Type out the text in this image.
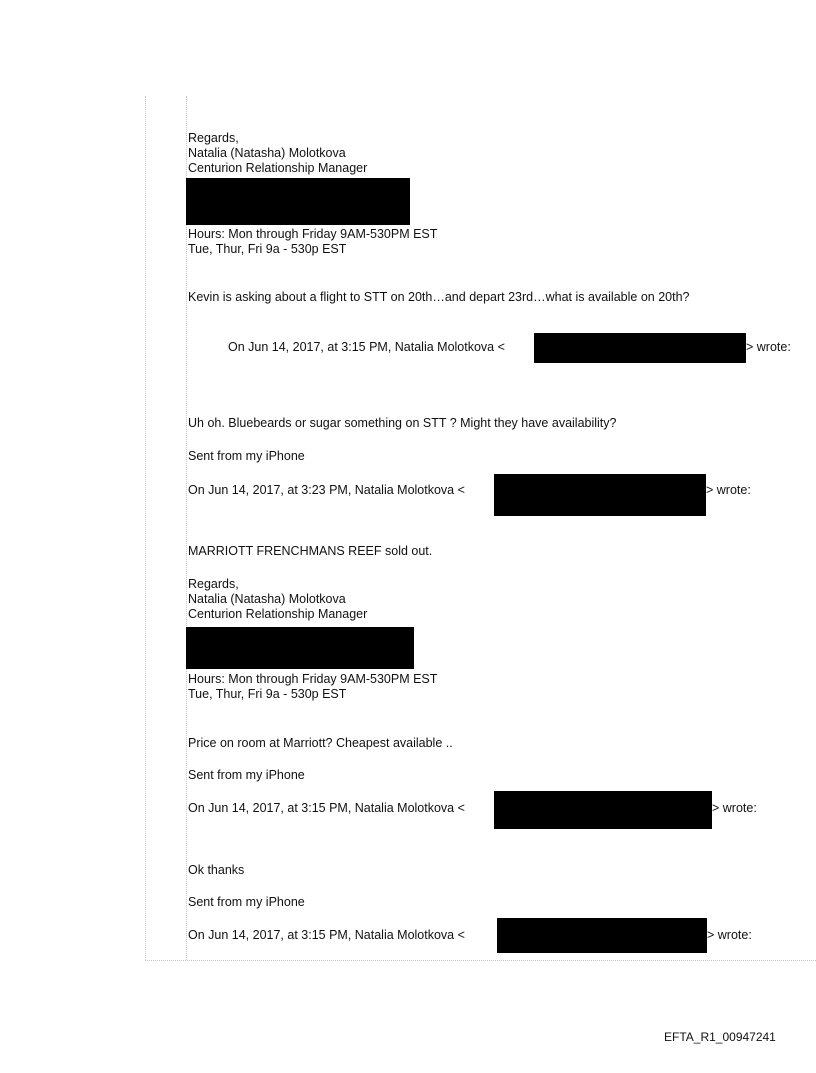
Regards,
Natalia (Natasha) Molotkova
Centurion Relationship Manager
Hours: Mon through Friday 9AM-530PM EST
Tue, Thur, Fri 9a - 530p EST
Kevin is asking about a flight to STT on 20th…and depart 23rd…what is available on 20th?
On Jun 14, 2017, at 3:15 PM, Natalia Molotkova <	> wrote:
Uh oh. Bluebeards or sugar something on STT ? Might they have availability?
Sent from my iPhone
On Jun 14, 2017, at 3:23 PM, Natalia Molotkova <	> wrote:
MARRIOTT FRENCHMANS REEF sold out.
Regards,
Natalia (Natasha) Molotkova
Centurion Relationship Manager
Hours: Mon through Friday 9AM-530PM EST
Tue, Thur, Fri 9a - 530p EST
Price on room at Marriott? Cheapest available ..
Sent from my iPhone
On Jun 14, 2017, at 3:15 PM, Natalia Molotkova <	> wrote:
Ok thanks
Sent from my iPhone
On Jun 14, 2017, at 3:15 PM, Natalia Molotkova <	> wrote:
EFTA_R1_00947241
